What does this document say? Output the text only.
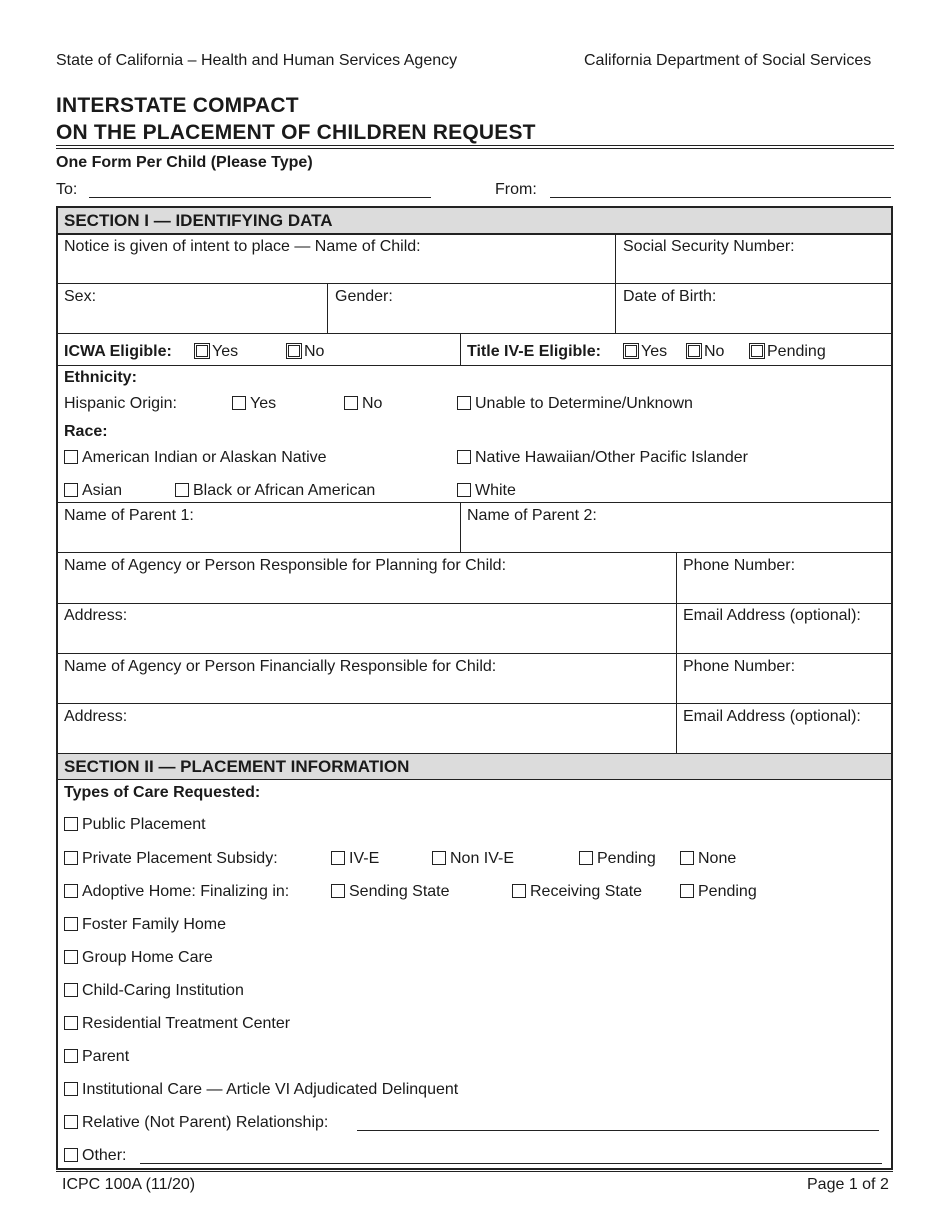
State of California – Health and Human Services Agency	California Department of Social Services
INTERSTATE COMPACT
ON THE PLACEMENT OF CHILDREN REQUEST
One Form Per Child (Please Type)
To:	From:
SECTION I — IDENTIFYING DATA
Notice is given of intent to place — Name of Child:	Social Security Number:
Sex:	Gender:	Date of Birth:
ICWA Eligible:	Yes	No	Title IV-E Eligible:	Yes	No	Pending
Ethnicity:
Hispanic Origin:	Yes	No	Unable to Determine/Unknown
Race:
American Indian or Alaskan Native	Native Hawaiian/Other Pacific Islander
Asian	Black or African American	White
Name of Parent 1:	Name of Parent 2:
Name of Agency or Person Responsible for Planning for Child:	Phone Number:
Address:	Email Address (optional):
Name of Agency or Person Financially Responsible for Child:	Phone Number:
Address:	Email Address (optional):
SECTION II — PLACEMENT INFORMATION
Types of Care Requested:
Public Placement
Private Placement Subsidy:	IV-E	Non IV-E	Pending	None
Adoptive Home: Finalizing in:	Sending State	Receiving State	Pending
Foster Family Home
Group Home Care
Child-Caring Institution
Residential Treatment Center
Parent
Institutional Care — Article VI Adjudicated Delinquent
Relative (Not Parent) Relationship:
Other:
ICPC 100A (11/20)	Page 1 of 2
